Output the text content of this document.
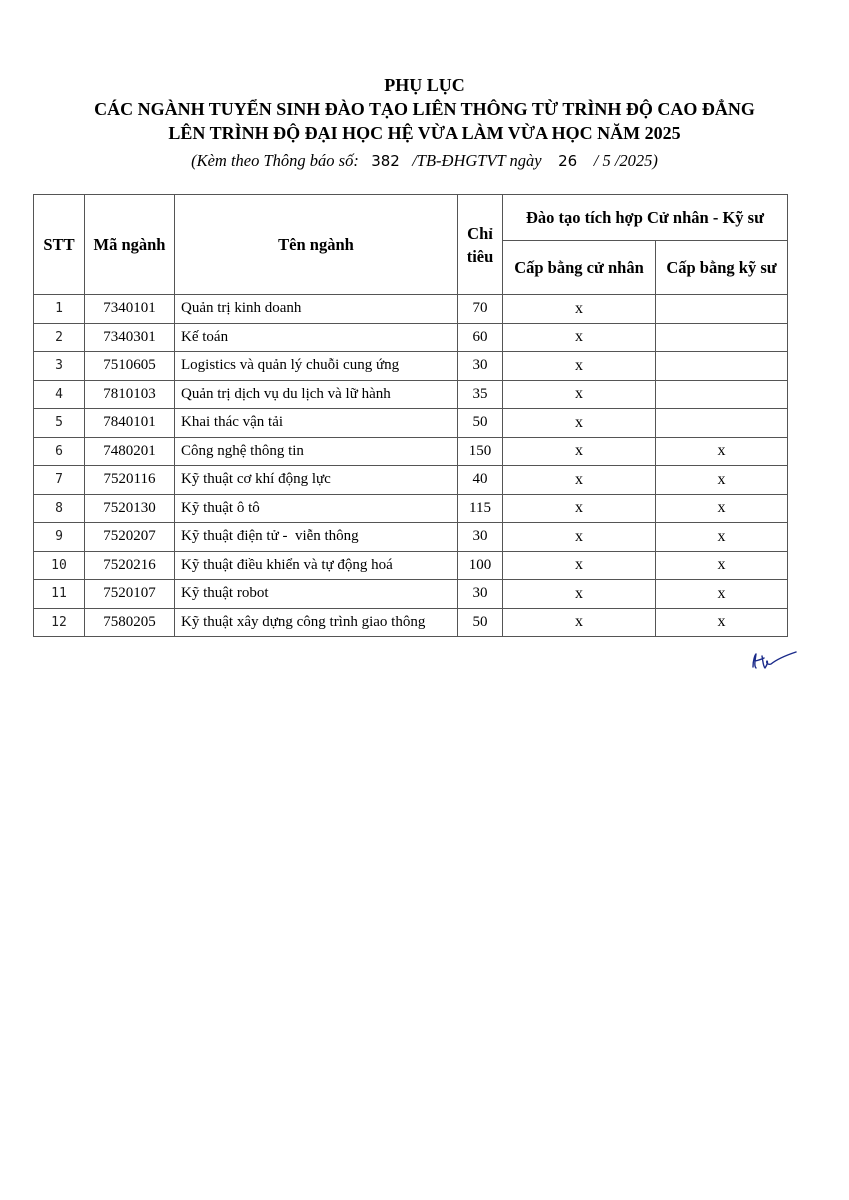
PHỤ LỤC
CÁC NGÀNH TUYỂN SINH ĐÀO TẠO LIÊN THÔNG TỪ TRÌNH ĐỘ CAO ĐẲNG
LÊN TRÌNH ĐỘ ĐẠI HỌC HỆ VỪA LÀM VỪA HỌC NĂM 2025
(Kèm theo Thông báo số: 382 /TB-ĐHGTVT ngày 26 / 5 /2025)
STT	Mã ngành	Tên ngành	Chỉ tiêu	Đào tạo tích hợp Cử nhân - Kỹ sư	
				Cấp bằng cử nhân	Cấp bằng kỹ sư
1	7340101	Quản trị kinh doanh	70	x	
2	7340301	Kế toán	60	x	
3	7510605	Logistics và quản lý chuỗi cung ứng	30	x	
4	7810103	Quản trị dịch vụ du lịch và lữ hành	35	x	
5	7840101	Khai thác vận tải	50	x	
6	7480201	Công nghệ thông tin	150	x	x
7	7520116	Kỹ thuật cơ khí động lực	40	x	x
8	7520130	Kỹ thuật ô tô	115	x	x
9	7520207	Kỹ thuật điện tử -  viễn thông	30	x	x
10	7520216	Kỹ thuật điều khiển và tự động hoá	100	x	x
11	7520107	Kỹ thuật robot	30	x	x
12	7580205	Kỹ thuật xây dựng công trình giao thông	50	x	x
